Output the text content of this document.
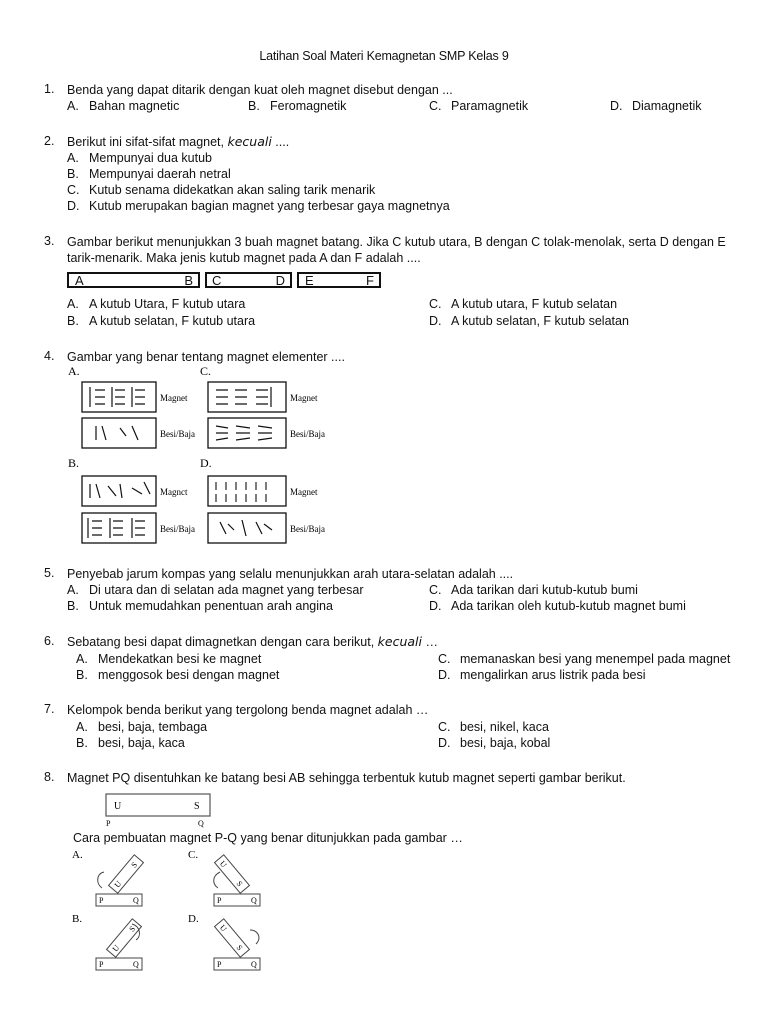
Latihan Soal Materi Kemagnetan SMP Kelas 9
1. Benda yang dapat ditarik dengan kuat oleh magnet disebut dengan ...
A. Bahan magnetic	B. Feromagnetik	C. Paramagnetik	D. Diamagnetik
2. Berikut ini sifat-sifat magnet, kecuali ....
A. Mempunyai dua kutub
B. Mempunyai daerah netral
C. Kutub senama didekatkan akan saling tarik menarik
D. Kutub merupakan bagian magnet yang terbesar gaya magnetnya
3. Gambar berikut menunjukkan 3 buah magnet batang. Jika C kutub utara, B dengan C tolak-menolak, serta D dengan E tarik-menarik. Maka jenis kutub magnet pada A dan F adalah ....
A	B C	D E	F
A. A kutub Utara, F kutub utara
B. A kutub selatan, F kutub utara
C. A kutub utara, F kutub selatan
D. A kutub selatan, F kutub selatan
4. Gambar yang benar tentang magnet elementer ....
A.	C.
B.	D.
Magnet
Besi/Baja
Magnet
Besi/Baja
Magnct
Besi/Baja
Magnet
Besi/Baja
5. Penyebab jarum kompas yang selalu menunjukkan arah utara-selatan adalah ....
A. Di utara dan di selatan ada magnet yang terbesar
B. Untuk memudahkan penentuan arah angina
C. Ada tarikan dari kutub-kutub bumi
D. Ada tarikan oleh kutub-kutub magnet bumi
6. Sebatang besi dapat dimagnetkan dengan cara berikut, kecuali …
A. Mendekatkan besi ke magnet
B. menggosok besi dengan magnet
C. memanaskan besi yang menempel pada magnet
D. mengalirkan arus listrik pada besi
7. Kelompok benda berikut yang tergolong benda magnet adalah …
A. besi, baja, tembaga
B. besi, baja, kaca
C. besi, nikel, kaca
D. besi, baja, kobal
8. Magnet PQ disentuhkan ke batang besi AB sehingga terbentuk kutub magnet seperti gambar berikut.
U	S
P	Q
Cara pembuatan magnet P-Q yang benar ditunjukkan pada gambar …
A.
P	Q
U
S
C.
P	Q
U
S
B.
P	Q
U
S
D.
P	Q
U
S
